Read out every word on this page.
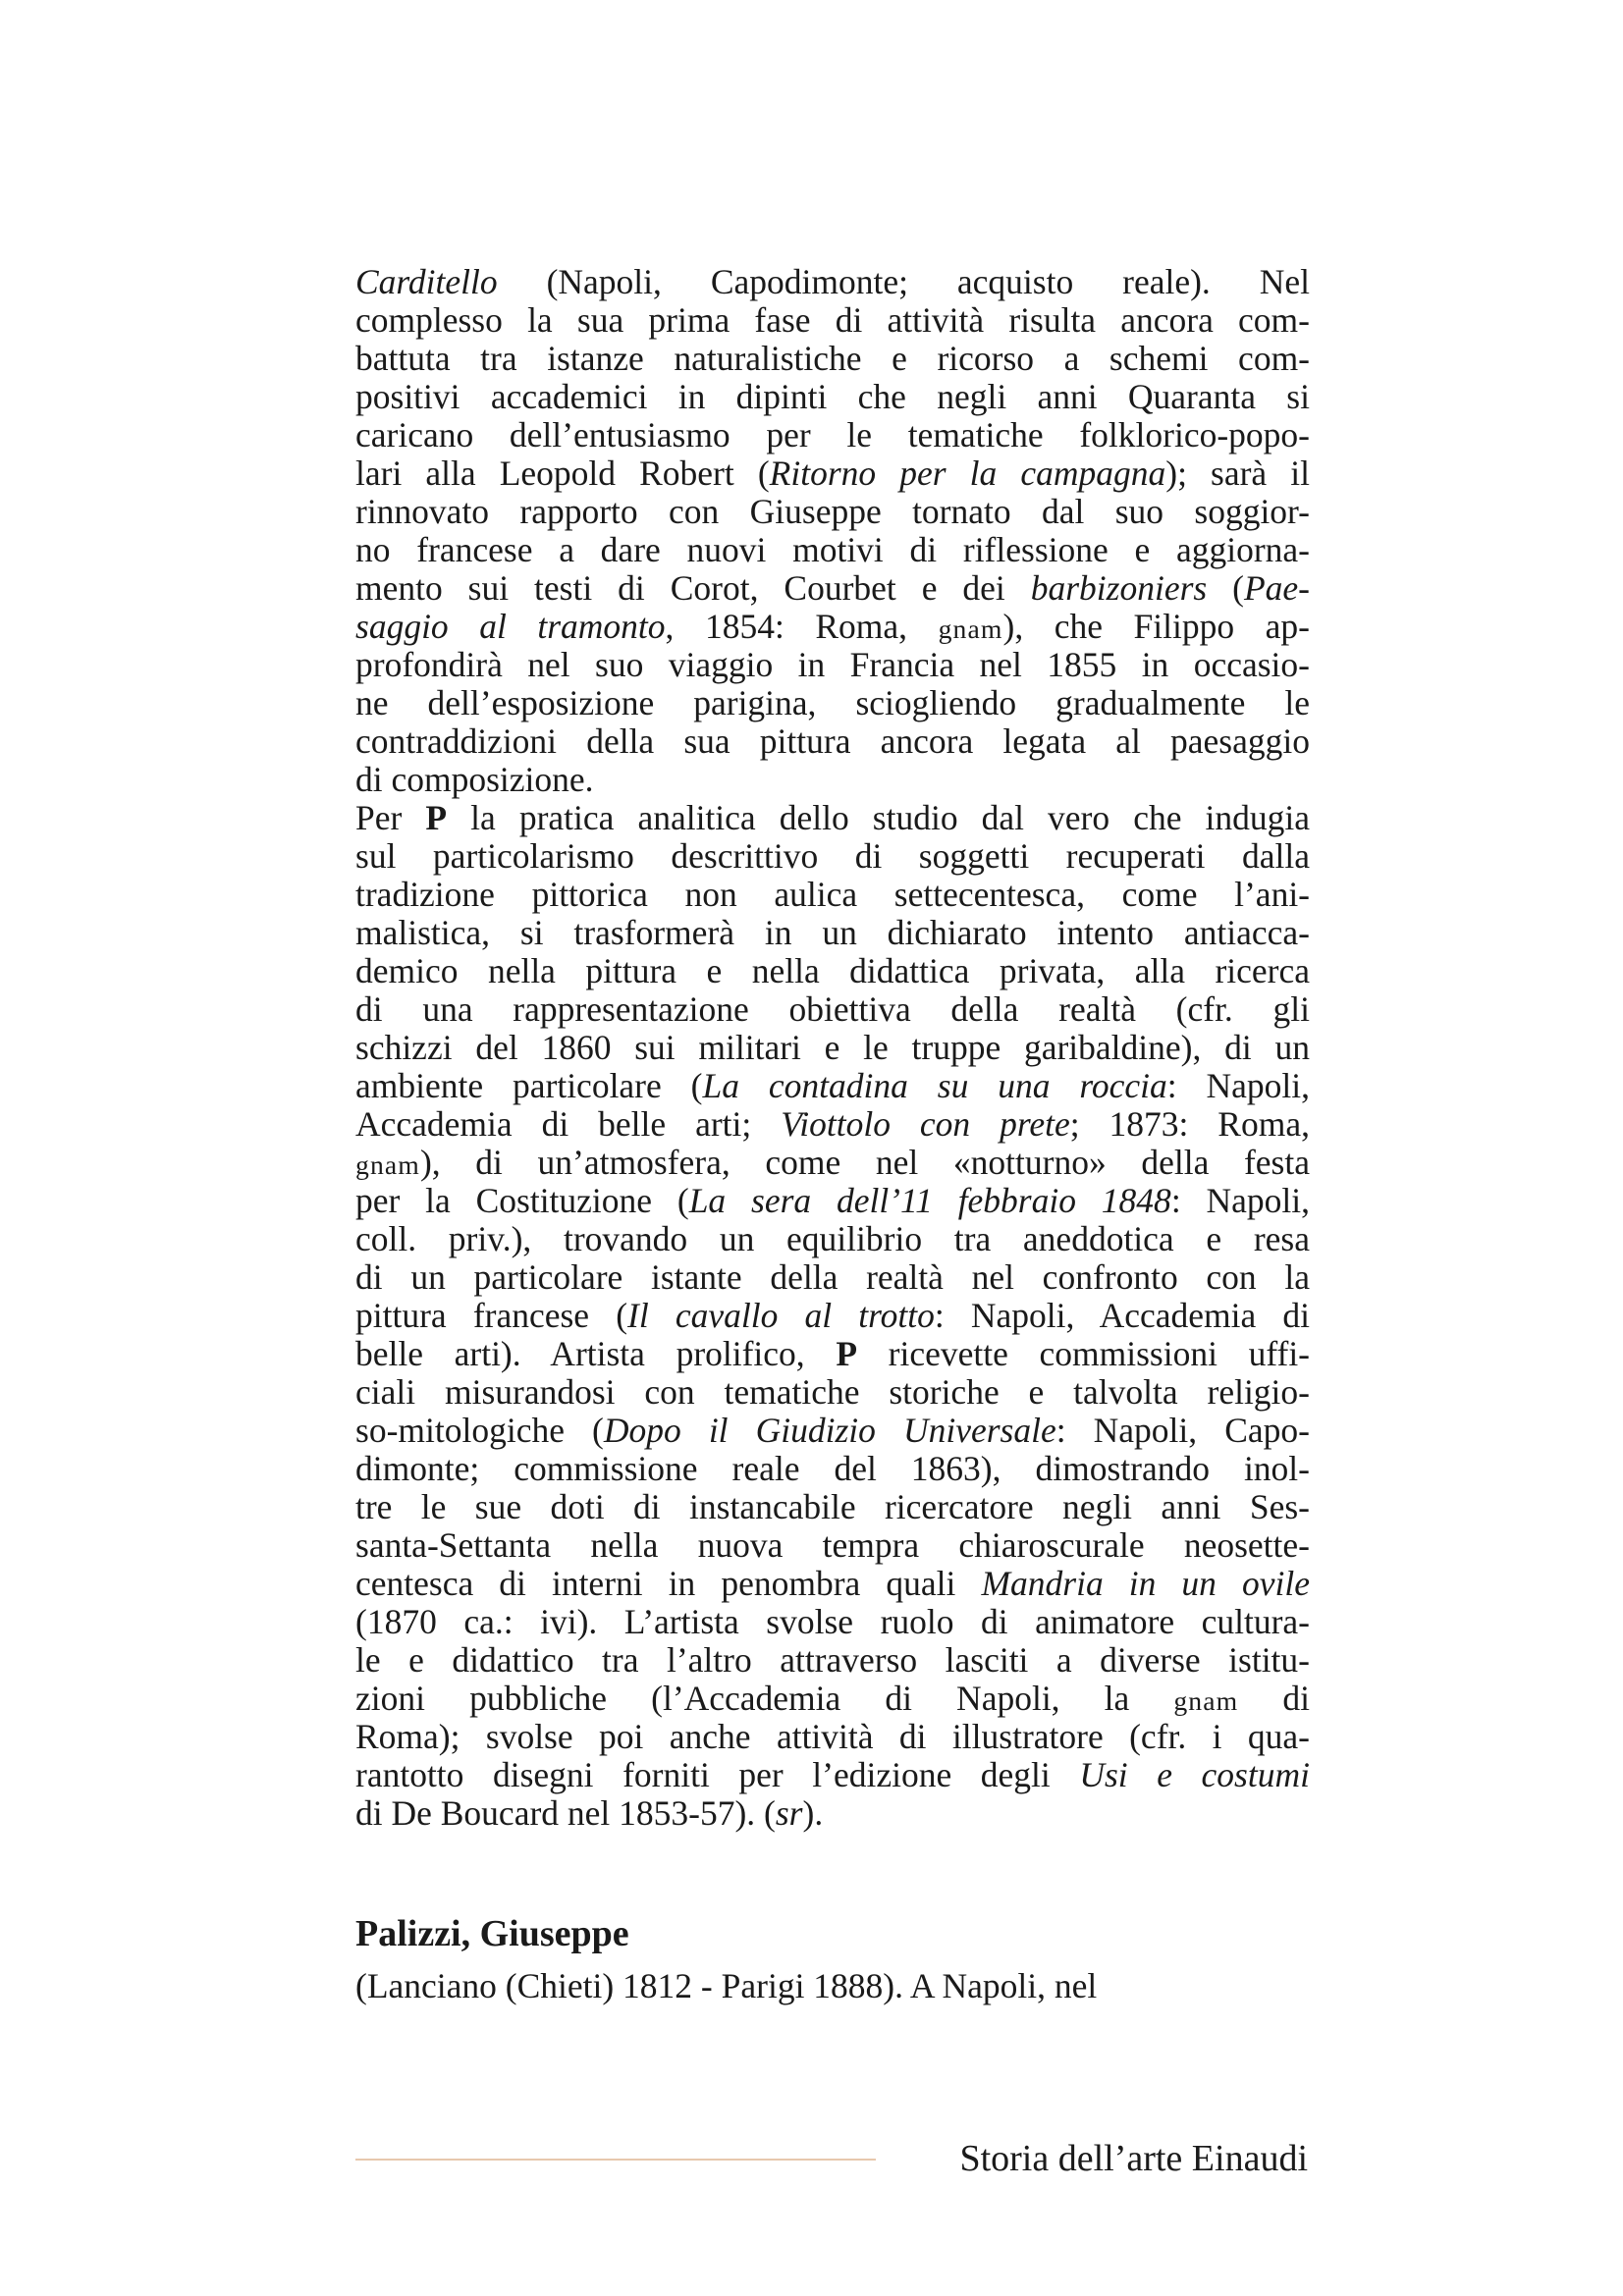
Carditello (Napoli, Capodimonte; acquisto reale). Nel
complesso la sua prima fase di attività risulta ancora com-
battuta tra istanze naturalistiche e ricorso a schemi com-
positivi accademici in dipinti che negli anni Quaranta si
caricano dell’entusiasmo per le tematiche folklorico-popo-
lari alla Leopold Robert (Ritorno per la campagna); sarà il
rinnovato rapporto con Giuseppe tornato dal suo soggior-
no francese a dare nuovi motivi di riflessione e aggiorna-
mento sui testi di Corot, Courbet e dei barbizoniers (Pae-
saggio al tramonto, 1854: Roma, gnam), che Filippo ap-
profondirà nel suo viaggio in Francia nel 1855 in occasio-
ne dell’esposizione parigina, sciogliendo gradualmente le
contraddizioni della sua pittura ancora legata al paesaggio
di composizione.

Per P la pratica analitica dello studio dal vero che indugia
sul particolarismo descrittivo di soggetti recuperati dalla
tradizione pittorica non aulica settecentesca, come l’ani-
malistica, si trasformerà in un dichiarato intento antiacca-
demico nella pittura e nella didattica privata, alla ricerca
di una rappresentazione obiettiva della realtà (cfr. gli
schizzi del 1860 sui militari e le truppe garibaldine), di un
ambiente particolare (La contadina su una roccia: Napoli,
Accademia di belle arti; Viottolo con prete; 1873: Roma,
gnam), di un’atmosfera, come nel «notturno» della festa
per la Costituzione (La sera dell’11 febbraio 1848: Napoli,
coll. priv.), trovando un equilibrio tra aneddotica e resa
di un particolare istante della realtà nel confronto con la
pittura francese (Il cavallo al trotto: Napoli, Accademia di
belle arti). Artista prolifico, P ricevette commissioni uffi-
ciali misurandosi con tematiche storiche e talvolta religio-
so-mitologiche (Dopo il Giudizio Universale: Napoli, Capo-
dimonte; commissione reale del 1863), dimostrando inol-
tre le sue doti di instancabile ricercatore negli anni Ses-
santa-Settanta nella nuova tempra chiaroscurale neosette-
centesca di interni in penombra quali Mandria in un ovile
(1870 ca.: ivi). L’artista svolse ruolo di animatore cultura-
le e didattico tra l’altro attraverso lasciti a diverse istitu-
zioni pubbliche (l’Accademia di Napoli, la gnam di
Roma); svolse poi anche attività di illustratore (cfr. i qua-
rantotto disegni forniti per l’edizione degli Usi e costumi
di De Boucard nel 1853-57). (sr).

Palizzi, Giuseppe
(Lanciano (Chieti) 1812 - Parigi 1888). A Napoli, nel
Storia dell’arte Einaudi
